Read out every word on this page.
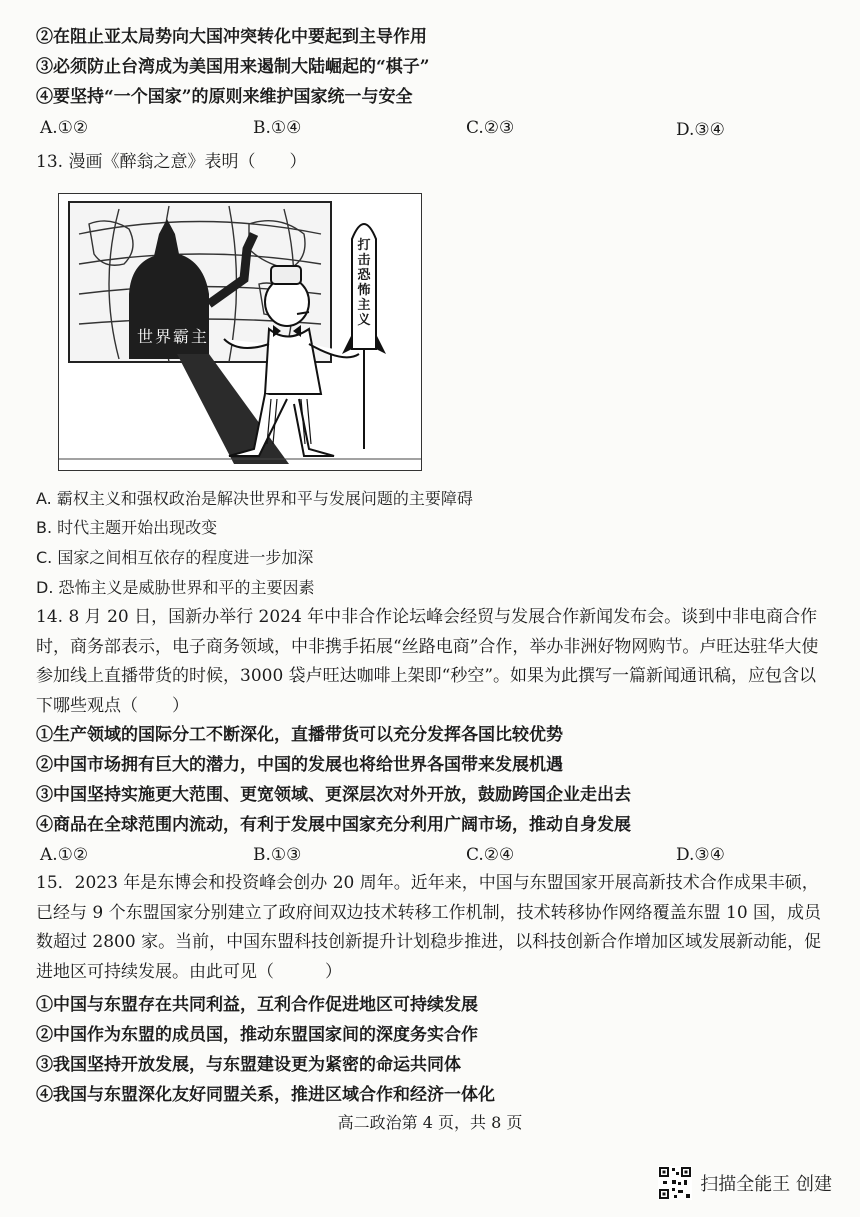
②在阻止亚太局势向大国冲突转化中要起到主导作用
③必须防止台湾成为美国用来遏制大陆崛起的“棋子”
④要坚持“一个国家”的原则来维护国家统一与安全
A.①②	B.①④	C.②③	D.③④
13. 漫画《醉翁之意》表明（　　）
打击恐怖主义
世界霸主
A. 霸权主义和强权政治是解决世界和平与发展问题的主要障碍
B. 时代主题开始出现改变
C. 国家之间相互依存的程度进一步加深
D. 恐怖主义是威胁世界和平的主要因素
14. 8 月 20 日，国新办举行 2024 年中非合作论坛峰会经贸与发展合作新闻发布会。谈到中非电商合作时，商务部表示，电子商务领域，中非携手拓展“丝路电商”合作，举办非洲好物网购节。卢旺达驻华大使参加线上直播带货的时候，3000 袋卢旺达咖啡上架即“秒空”。如果为此撰写一篇新闻通讯稿，应包含以下哪些观点（　　）
①生产领域的国际分工不断深化，直播带货可以充分发挥各国比较优势
②中国市场拥有巨大的潜力，中国的发展也将给世界各国带来发展机遇
③中国坚持实施更大范围、更宽领域、更深层次对外开放，鼓励跨国企业走出去
④商品在全球范围内流动，有利于发展中国家充分利用广阔市场，推动自身发展
A.①②	B.①③	C.②④	D.③④
15．2023 年是东博会和投资峰会创办 20 周年。近年来，中国与东盟国家开展高新技术合作成果丰硕，已经与 9 个东盟国家分别建立了政府间双边技术转移工作机制，技术转移协作网络覆盖东盟 10 国，成员数超过 2800 家。当前，中国东盟科技创新提升计划稳步推进，以科技创新合作增加区域发展新动能，促进地区可持续发展。由此可见（　　　）
①中国与东盟存在共同利益，互利合作促进地区可持续发展
②中国作为东盟的成员国，推动东盟国家间的深度务实合作
③我国坚持开放发展，与东盟建设更为紧密的命运共同体
④我国与东盟深化友好同盟关系，推进区域合作和经济一体化
高二政治第 4 页，共 8 页
扫描全能王 创建
